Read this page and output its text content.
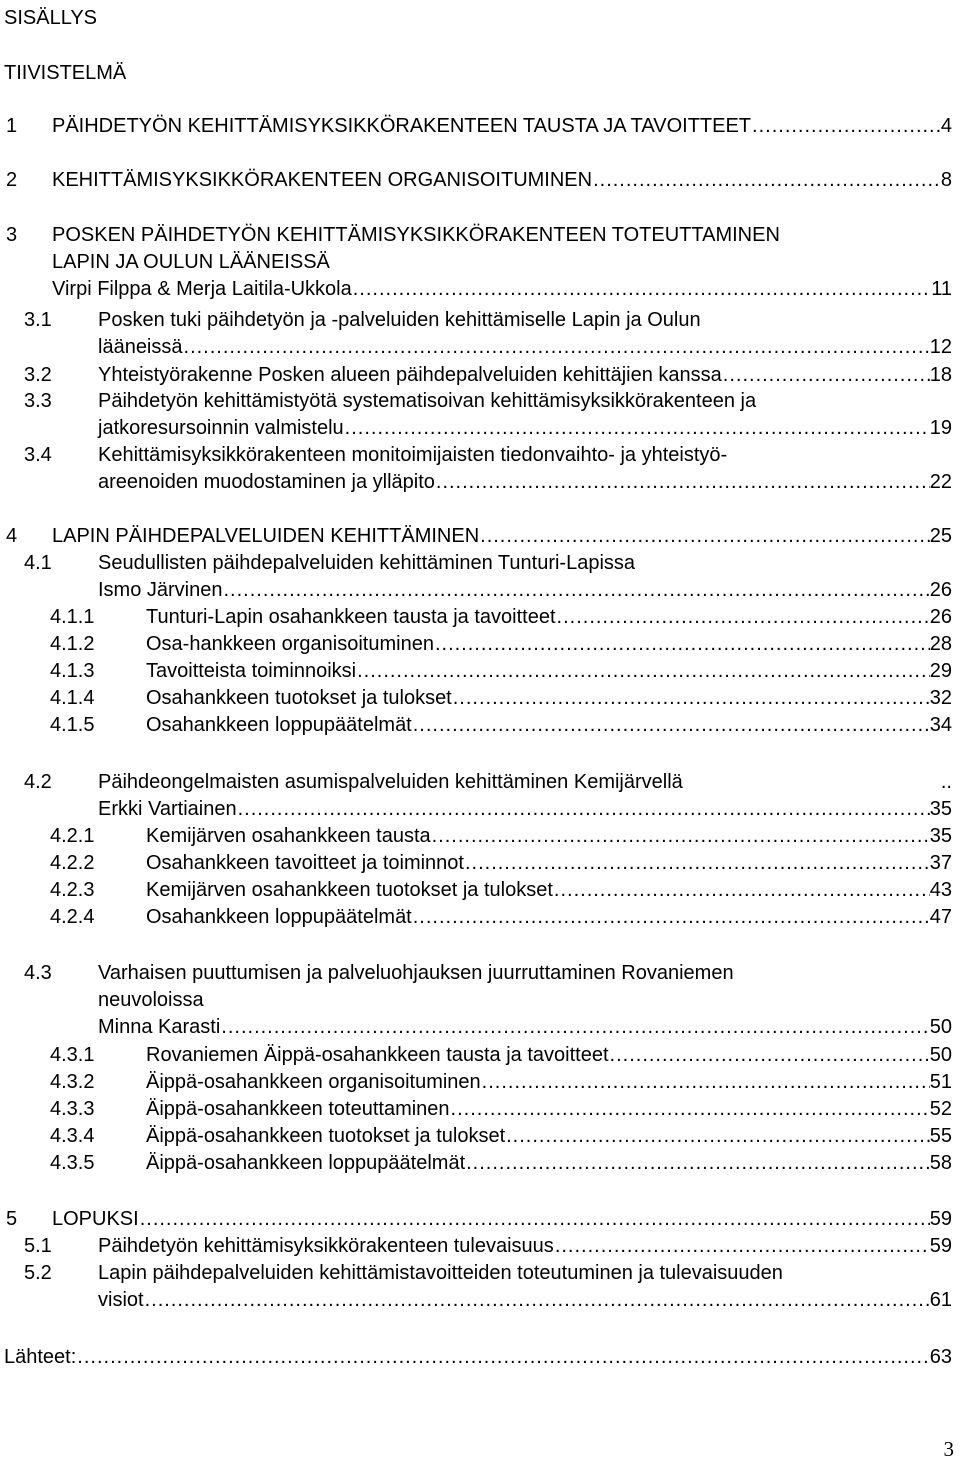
SISÄLLYS
TIIVISTELMÄ
1 PÄIHDETYÖN KEHITTÄMISYKSIKKÖRAKENTEEN TAUSTA JA TAVOITTEET .....	4
2 KEHITTÄMISYKSIKKÖRAKENTEEN ORGANISOITUMINEN .....	8
3 POSKEN PÄIHDETYÖN KEHITTÄMISYKSIKKÖRAKENTEEN TOTEUTTAMINEN
LAPIN JA OULUN LÄÄNEISSÄ
Virpi Filppa & Merja Laitila-Ukkola .....	11
3.1 Posken tuki päihdetyön ja -palveluiden kehittämiselle Lapin ja Oulun
lääneissä .....	12
3.2 Yhteistyörakenne Posken alueen päihdepalveluiden kehittäjien kanssa .....	18
3.3 Päihdetyön kehittämistyötä systematisoivan kehittämisyksikkörakenteen ja
jatkoresursoinnin valmistelu .....	19
3.4 Kehittämisyksikkörakenteen monitoimijaisten tiedonvaihto- ja yhteistyö-
areenoiden muodostaminen ja ylläpito .....	22
4 LAPIN PÄIHDEPALVELUIDEN KEHITTÄMINEN .....	25
4.1 Seudullisten päihdepalveluiden kehittäminen Tunturi-Lapissa
Ismo Järvinen .....	26
4.1.1	Tunturi-Lapin osahankkeen tausta ja tavoitteet .....	26
4.1.2	Osa-hankkeen organisoituminen .....	28
4.1.3	Tavoitteista toiminnoiksi .....	29
4.1.4	Osahankkeen tuotokset ja tulokset .....	32
4.1.5	Osahankkeen loppupäätelmät .....	34
4.2 Päihdeongelmaisten asumispalveluiden kehittäminen Kemijärvellä	..
Erkki Vartiainen .....	35
4.2.1	Kemijärven osahankkeen tausta .....	35
4.2.2	Osahankkeen tavoitteet ja toiminnot .....	37
4.2.3	Kemijärven osahankkeen tuotokset ja tulokset .....	43
4.2.4	Osahankkeen loppupäätelmät .....	47
4.3 Varhaisen puuttumisen ja palveluohjauksen juurruttaminen Rovaniemen
neuvoloissa
Minna Karasti .....	50
4.3.1	Rovaniemen Äippä-osahankkeen tausta ja tavoitteet .....	50
4.3.2	Äippä-osahankkeen organisoituminen .....	51
4.3.3	Äippä-osahankkeen toteuttaminen .....	52
4.3.4	Äippä-osahankkeen tuotokset ja tulokset .....	55
4.3.5	Äippä-osahankkeen loppupäätelmät .....	58
5 LOPUKSI .....	59
5.1 Päihdetyön kehittämisyksikkörakenteen tulevaisuus .....	59
5.2 Lapin päihdepalveluiden kehittämistavoitteiden toteutuminen ja tulevaisuuden
visiot .....	61
Lähteet: .....	63
3
